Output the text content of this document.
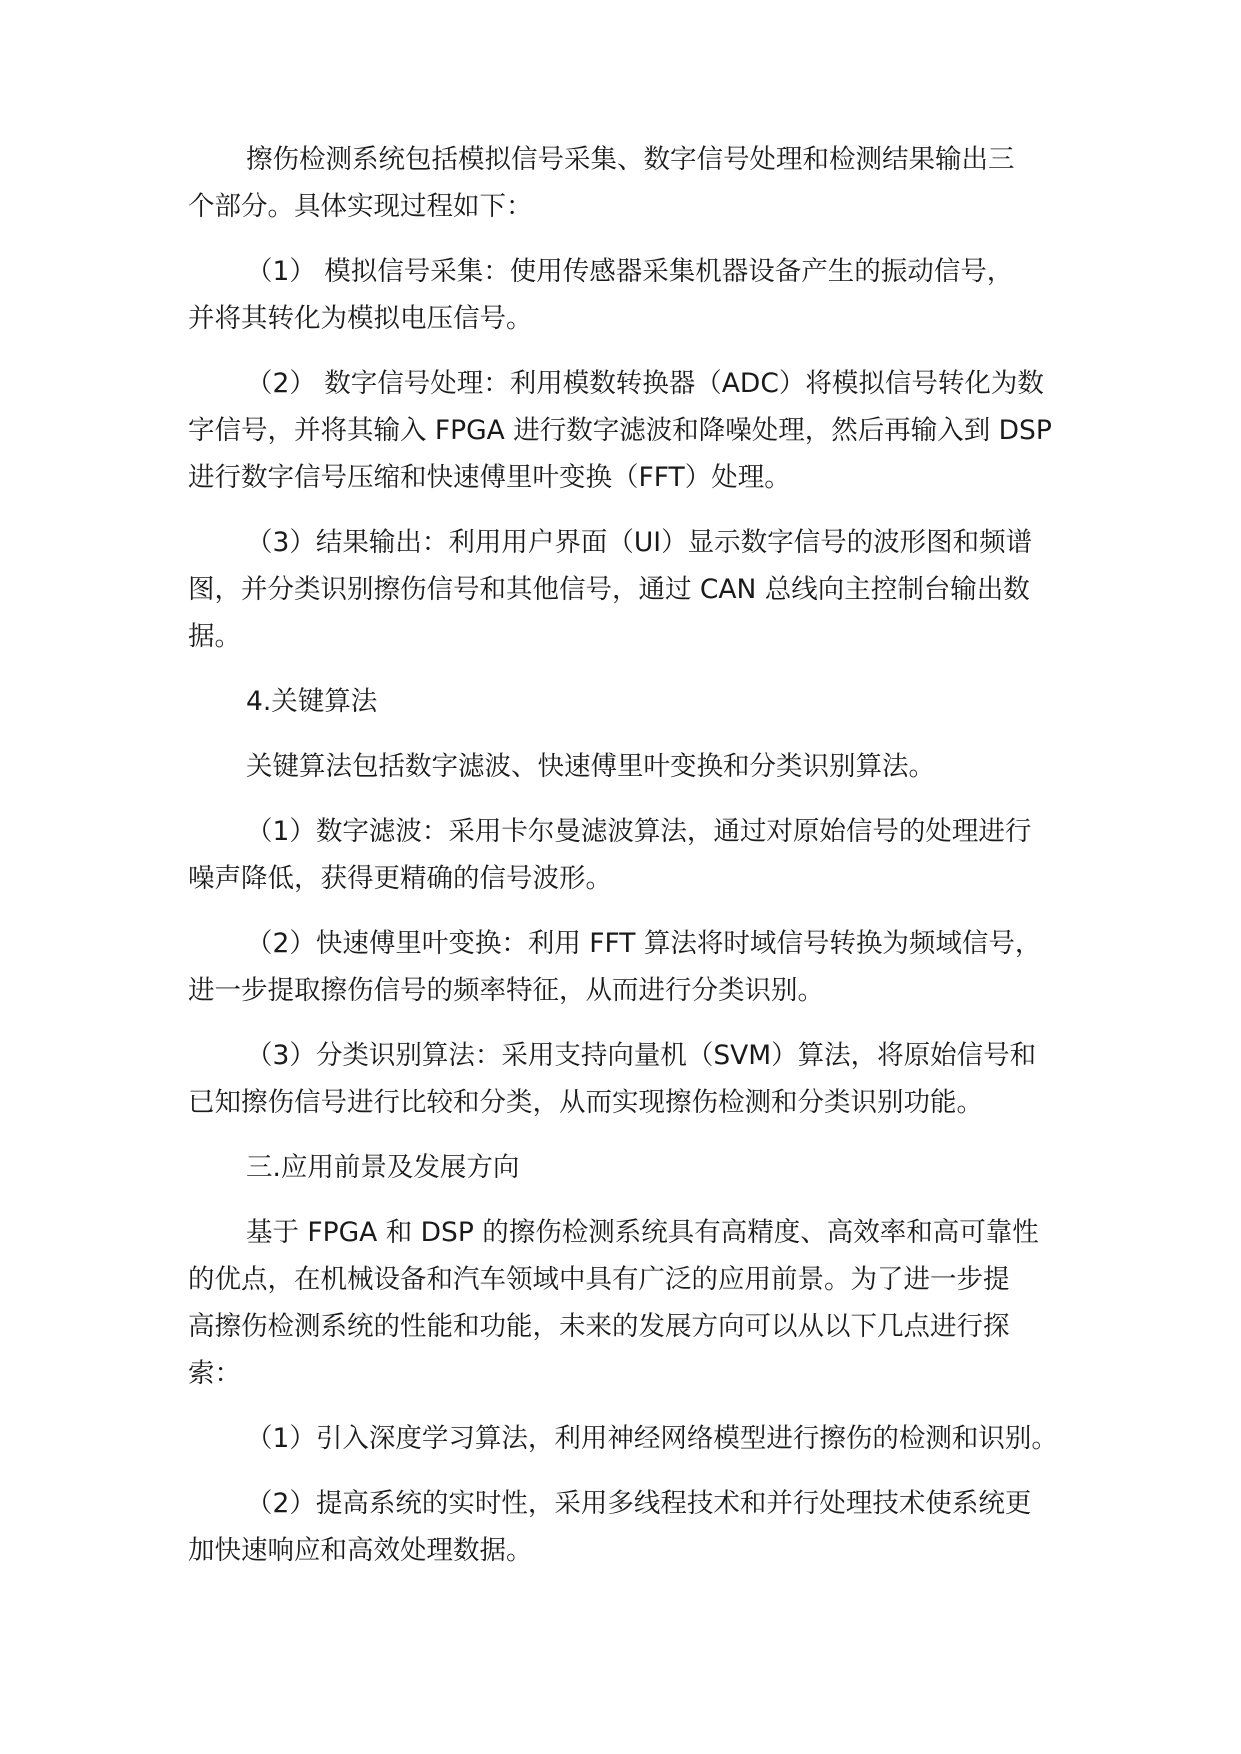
擦伤检测系统包括模拟信号采集、数字信号处理和检测结果输出三
个部分。具体实现过程如下：
（1） 模拟信号采集：使用传感器采集机器设备产生的振动信号，
并将其转化为模拟电压信号。
（2） 数字信号处理：利用模数转换器（ADC）将模拟信号转化为数
字信号，并将其输入 FPGA 进行数字滤波和降噪处理，然后再输入到 DSP
进行数字信号压缩和快速傅里叶变换（FFT）处理。
（3）结果输出：利用用户界面（UI）显示数字信号的波形图和频谱
图，并分类识别擦伤信号和其他信号，通过 CAN 总线向主控制台输出数
据。
4.关键算法
关键算法包括数字滤波、快速傅里叶变换和分类识别算法。
（1）数字滤波：采用卡尔曼滤波算法，通过对原始信号的处理进行
噪声降低，获得更精确的信号波形。
（2）快速傅里叶变换：利用 FFT 算法将时域信号转换为频域信号，
进一步提取擦伤信号的频率特征，从而进行分类识别。
（3）分类识别算法：采用支持向量机（SVM）算法，将原始信号和
已知擦伤信号进行比较和分类，从而实现擦伤检测和分类识别功能。
三.应用前景及发展方向
基于 FPGA 和 DSP 的擦伤检测系统具有高精度、高效率和高可靠性
的优点，在机械设备和汽车领域中具有广泛的应用前景。为了进一步提
高擦伤检测系统的性能和功能，未来的发展方向可以从以下几点进行探
索：
（1）引入深度学习算法，利用神经网络模型进行擦伤的检测和识别。
（2）提高系统的实时性，采用多线程技术和并行处理技术使系统更
加快速响应和高效处理数据。
